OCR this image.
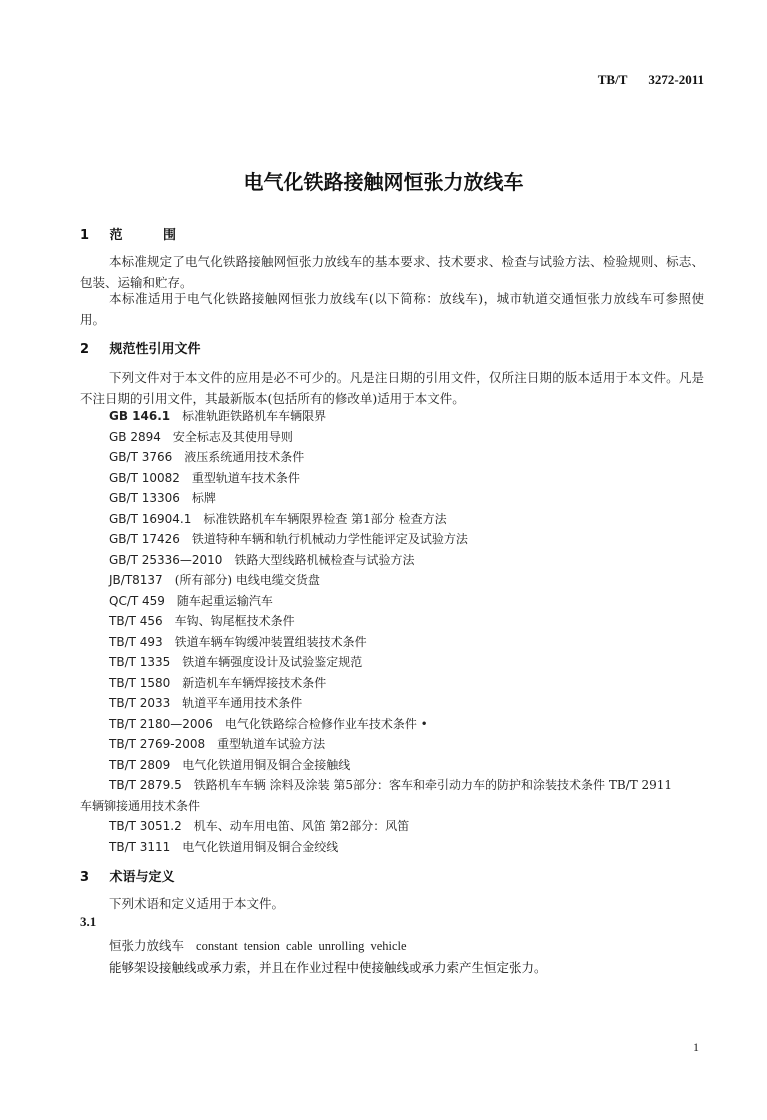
TB/T 3272-2011
电气化铁路接触网恒张力放线车
1 范 围

本标准规定了电气化铁路接触网恒张力放线车的基本要求、技术要求、检查与试验方法、检验规则、标志、包装、运输和贮存。

本标准适用于电气化铁路接触网恒张力放线车(以下简称：放线车)，城市轨道交通恒张力放线车可参照使用。

2 规范性引用文件

下列文件对于本文件的应用是必不可少的。凡是注日期的引用文件，仅所注日期的版本适用于本文件。凡是不注日期的引用文件，其最新版本(包括所有的修改单)适用于本文件。

GB 146.1 标准轨距铁路机车车辆限界
GB 2894 安全标志及其使用导则
GB/T 3766 液压系统通用技术条件
GB/T 10082 重型轨道车技术条件
GB/T 13306 标牌
GB/T 16904.1 标准铁路机车车辆限界检查 第1部分 检查方法
GB/T 17426 铁道特种车辆和轨行机械动力学性能评定及试验方法
GB/T 25336—2010 铁路大型线路机械检查与试验方法
JB/T8137 (所有部分) 电线电缆交货盘
QC/T 459 随车起重运输汽车
TB/T 456 车钩、钩尾框技术条件
TB/T 493 铁道车辆车钩缓冲装置组装技术条件
TB/T 1335 铁道车辆强度设计及试验鉴定规范
TB/T 1580 新造机车车辆焊接技术条件
TB/T 2033 轨道平车通用技术条件
TB/T 2180—2006 电气化铁路综合检修作业车技术条件 •
TB/T 2769-2008 重型轨道车试验方法
TB/T 2809 电气化铁道用铜及铜合金接触线
TB/T 2879.5 铁路机车车辆 涂料及涂装 第5部分：客车和牵引动力车的防护和涂装技术条件 TB/T 2911 车辆铆接通用技术条件
TB/T 3051.2 机车、动车用电笛、风笛 第2部分：风笛
TB/T 3111 电气化铁道用铜及铜合金绞线
3 术语与定义
下列术语和定义适用于本文件。
3.1
恒张力放线车 constant tension cable unrolling vehicle
能够架设接触线或承力索，并且在作业过程中使接触线或承力索产生恒定张力。
1
